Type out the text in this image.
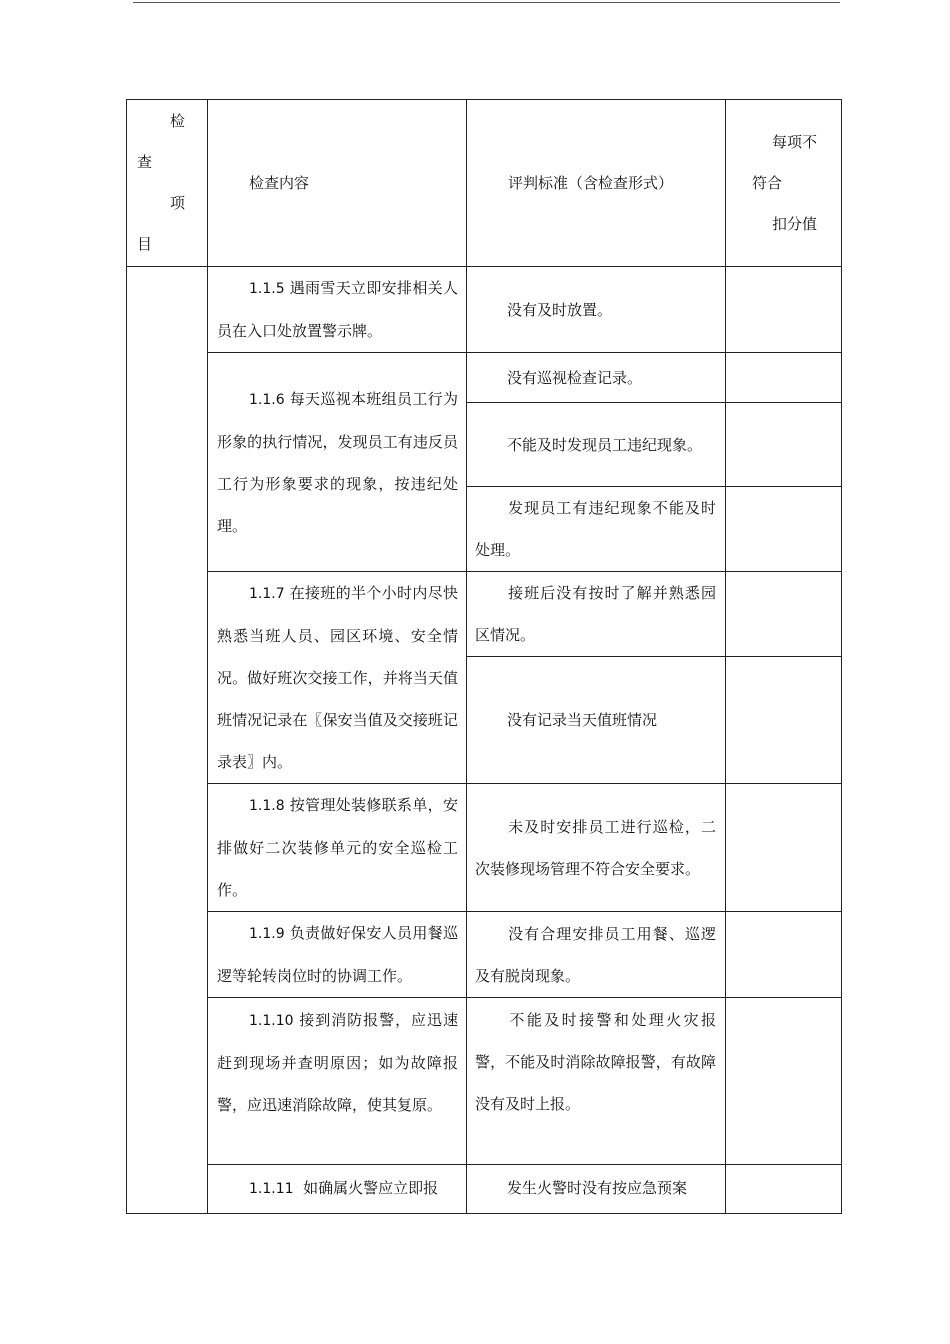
检
查
项
目	检查内容	评判标准（含检查形式）	每项不
符合
扣分值

	1.1.5 遇雨雪天立即安排相关人员在入口处放置警示牌。	没有及时放置。	
	1.1.6 每天巡视本班组员工行为形象的执行情况，发现员工有违反员工行为形象要求的现象，按违纪处理。	没有巡视检查记录。	
		不能及时发现员工违纪现象。	
		发现员工有违纪现象不能及时处理。	
	1.1.7 在接班的半个小时内尽快熟悉当班人员、园区环境、安全情况。做好班次交接工作，并将当天值班情况记录在〖保安当值及交接班记录表〗内。	接班后没有按时了解并熟悉园区情况。	
		没有记录当天值班情况	
	1.1.8 按管理处装修联系单，安排做好二次装修单元的安全巡检工作。	未及时安排员工进行巡检，二次装修现场管理不符合安全要求。	
	1.1.9 负责做好保安人员用餐巡逻等轮转岗位时的协调工作。	没有合理安排员工用餐、巡逻及有脱岗现象。	
	1.1.10 接到消防报警，应迅速赶到现场并查明原因；如为故障报警，应迅速消除故障，使其复原。	不能及时接警和处理火灾报警，不能及时消除故障报警，有故障没有及时上报。	
	1.1.11 如确属火警应立即报	发生火警时没有按应急预案	
